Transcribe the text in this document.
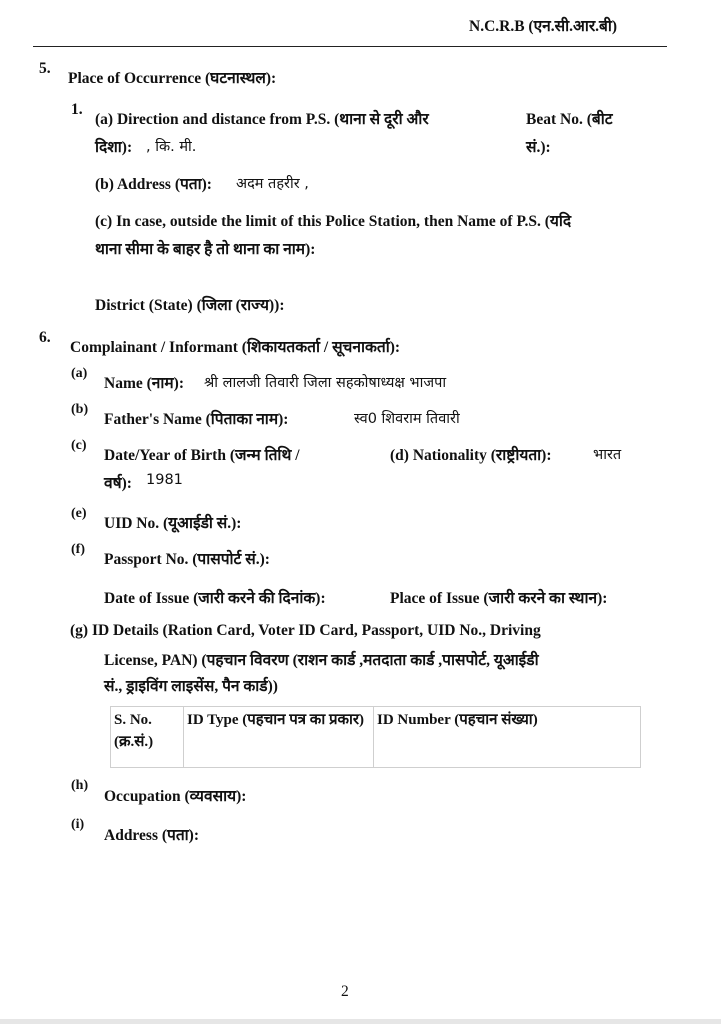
N.C.R.B (एन.सी.आर.बी)
5.
Place of Occurrence (घटनास्थल):
1.
(a) Direction and distance from P.S. (थाना से दूरी और
दिशा): , कि. मी.
Beat No. (बीट
सं.):
(b) Address (पता): अदम तहरीर ,
(c) In case, outside the limit of this Police Station, then Name of P.S. (यदि
थाना सीमा के बाहर है तो थाना का नाम):
District (State) (जिला (राज्य)):
6.
Complainant / Informant (शिकायतकर्ता / सूचनाकर्ता):
(a)
Name (नाम): श्री लालजी तिवारी जिला सहकोषाध्यक्ष भाजपा
(b)
Father's Name (पिताका नाम):	स्व0 शिवराम तिवारी
(c)
Date/Year of Birth (जन्म तिथि /
वर्ष): 1981
(d) Nationality (राष्ट्रीयता):	भारत
(e)
UID No. (यूआईडी सं.):
(f)
Passport No. (पासपोर्ट सं.):
Date of Issue (जारी करने की दिनांक):	Place of Issue (जारी करने का स्थान):
(g) ID Details (Ration Card, Voter ID Card, Passport, UID No., Driving
License, PAN) (पहचान विवरण (राशन कार्ड ,मतदाता कार्ड ,पासपोर्ट, यूआईडी
सं., ड्राइविंग लाइसेंस, पैन कार्ड))
S. No. (क्र.सं.)	ID Type (पहचान पत्र का प्रकार)	ID Number (पहचान संख्या)
(h)
Occupation (व्यवसाय):
(i)
Address (पता):
2
